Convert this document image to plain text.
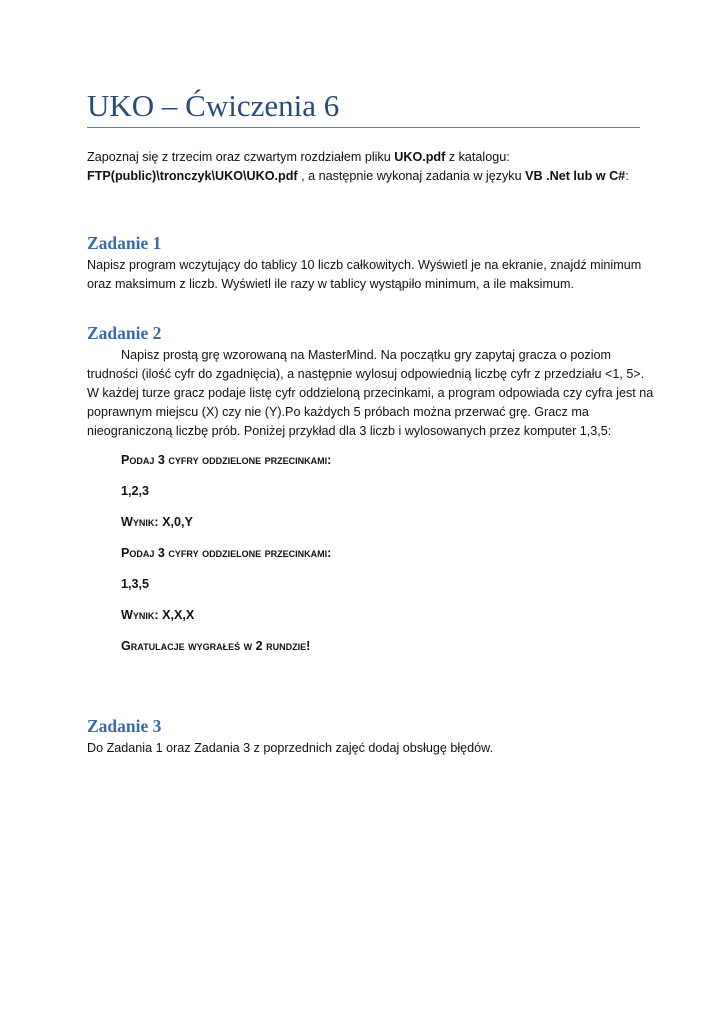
UKO – Ćwiczenia 6
Zapoznaj się z trzecim oraz czwartym rozdziałem pliku UKO.pdf z katalogu:
FTP(public)\tronczyk\UKO\UKO.pdf , a następnie wykonaj zadania w języku VB .Net lub w C#:
Zadanie 1
Napisz program wczytujący do tablicy 10 liczb całkowitych. Wyświetl je na ekranie, znajdź minimum
oraz maksimum z liczb. Wyświetl ile razy w tablicy wystąpiło minimum, a ile maksimum.
Zadanie 2
Napisz prostą grę wzorowaną na MasterMind. Na początku gry zapytaj gracza o poziom
trudności (ilość cyfr do zgadnięcia), a następnie wylosuj odpowiednią liczbę cyfr z przedziału <1, 5>.
W każdej turze gracz podaje listę cyfr oddzieloną przecinkami, a program odpowiada czy cyfra jest na
poprawnym miejscu (X) czy nie (Y).Po każdych 5 próbach można przerwać grę. Gracz ma
nieograniczoną liczbę prób. Poniżej przykład dla 3 liczb i wylosowanych przez komputer 1,3,5:
Podaj 3 cyfry oddzielone przecinkami:
1,2,3
Wynik: X,0,Y
Podaj 3 cyfry oddzielone przecinkami:
1,3,5
Wynik: X,X,X
Gratulacje wygrałeś w 2 rundzie!
Zadanie 3
Do Zadania 1 oraz Zadania 3 z poprzednich zajęć dodaj obsługę błędów.
